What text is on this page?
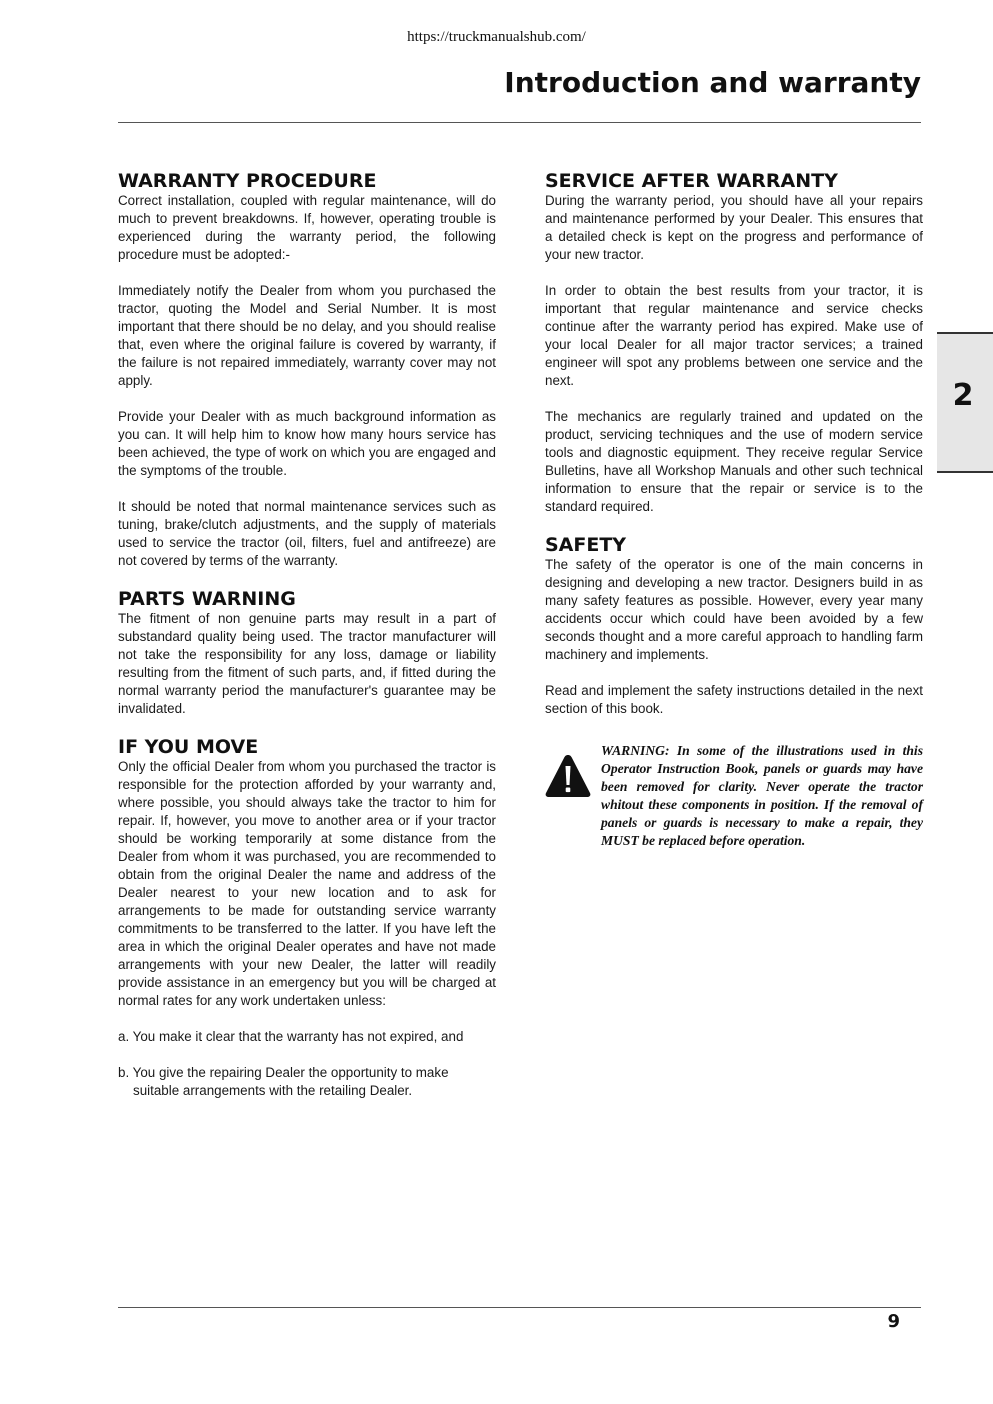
https://truckmanualshub.com/
Introduction and warranty
WARRANTY PROCEDURE

Correct installation, coupled with regular maintenance, will do much to prevent breakdowns. If, however, operating trouble is experienced during the warranty period, the following procedure must be adopted:-

Immediately notify the Dealer from whom you purchased the tractor, quoting the Model and Serial Number. It is most important that there should be no delay, and you should realise that, even where the original failure is covered by warranty, if the failure is not repaired immediately, warranty cover may not apply.

Provide your Dealer with as much background information as you can. It will help him to know how many hours service has been achieved, the type of work on which you are engaged and the symptoms of the trouble.

It should be noted that normal maintenance services such as tuning, brake/clutch adjustments, and the supply of materials used to service the tractor (oil, filters, fuel and antifreeze) are not covered by terms of the warranty.

PARTS WARNING

The fitment of non genuine parts may result in a part of substandard quality being used. The tractor manufacturer will not take the responsibility for any loss, damage or liability resulting from the fitment of such parts, and, if fitted during the normal warranty period the manufacturer's guarantee may be invalidated.

IF YOU MOVE

Only the official Dealer from whom you purchased the tractor is responsible for the protection afforded by your warranty and, where possible, you should always take the tractor to him for repair. If, however, you move to another area or if your tractor should be working temporarily at some distance from the Dealer from whom it was purchased, you are recommended to obtain from the original Dealer the name and address of the Dealer nearest to your new location and to ask for arrangements to be made for outstanding service warranty commitments to be transferred to the latter. If you have left the area in which the original Dealer operates and have not made arrangements with your new Dealer, the latter will readily provide assistance in an emergency but you will be charged at normal rates for any work undertaken unless:

a. You make it clear that the warranty has not expired, and

b. You give the repairing Dealer the opportunity to make suitable arrangements with the retailing Dealer.

SERVICE AFTER WARRANTY

During the warranty period, you should have all your repairs and maintenance performed by your Dealer. This ensures that a detailed check is kept on the progress and performance of your new tractor.

In order to obtain the best results from your tractor, it is important that regular maintenance and service checks continue after the warranty period has expired. Make use of your local Dealer for all major tractor services; a trained engineer will spot any problems between one service and the next.

The mechanics are regularly trained and updated on the product, servicing techniques and the use of modern service tools and diagnostic equipment. They receive regular Service Bulletins, have all Workshop Manuals and other such technical information to ensure that the repair or service is to the standard required.

SAFETY

The safety of the operator is one of the main concerns in designing and developing a new tractor. Designers build in as many safety features as possible. However, every year many accidents occur which could have been avoided by a few seconds thought and a more careful approach to handling farm machinery and implements.

Read and implement the safety instructions detailed in the next section of this book.

WARNING: In some of the illustrations used in this Operator Instruction Book, panels or guards may have been removed for clarity. Never operate the tractor whitout these components in position. If the removal of panels or guards is necessary to make a repair, they MUST be replaced before operation.

2
9
